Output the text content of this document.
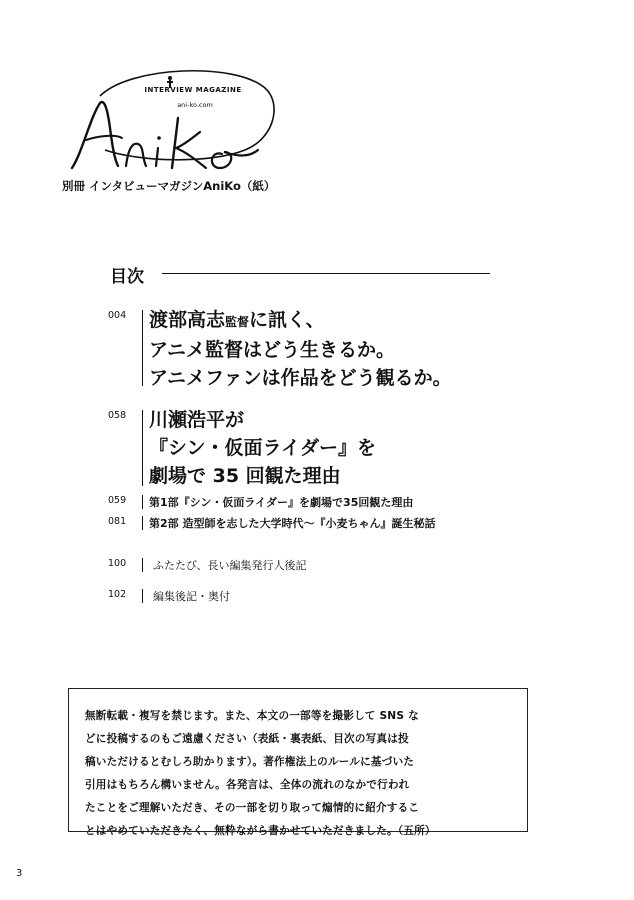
INTERVIEW MAGAZINE
ani-ko.com
別冊 インタビューマガジンAniKo（紙）
目次
004	渡部高志監督に訊く、
アニメ監督はどう生きるか。
アニメファンは作品をどう観るか。
058	川瀬浩平が
『シン・仮面ライダー』を
劇場で 35 回観た理由
059	第1部『シン・仮面ライダー』を劇場で35回観た理由
081	第2部 造型師を志した大学時代〜『小麦ちゃん』誕生秘話
100	ふたたび、長い編集発行人後記
102	編集後記・奥付

無断転載・複写を禁じます。また、本文の一部等を撮影して SNS な

どに投稿するのもご遠慮ください（表紙・裏表紙、目次の写真は投

稿いただけるとむしろ助かります）。著作権法上のルールに基づいた

引用はもちろん構いません。各発言は、全体の流れのなかで行われ

たことをご理解いただき、その一部を切り取って煽情的に紹介するこ

とはやめていただきたく、無粋ながら書かせていただきました。（五所）

3
